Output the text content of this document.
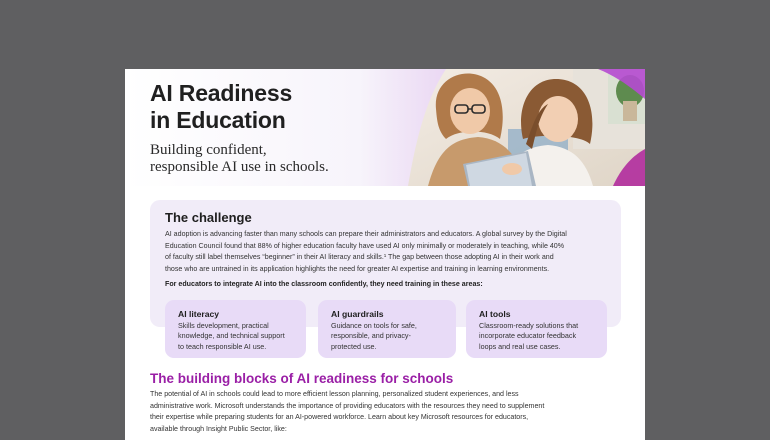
AI Readiness
in Education
Building confident,
responsible AI use in schools.
The challenge
AI adoption is advancing faster than many schools can prepare their administrators and educators. A global survey by the Digital
Education Council found that 88% of higher education faculty have used AI only minimally or moderately in teaching, while 40%
of faculty still label themselves “beginner” in their AI literacy and skills.¹ The gap between those adopting AI in their work and
those who are untrained in its application highlights the need for greater AI expertise and training in learning environments.
For educators to integrate AI into the classroom confidently, they need training in these areas:
AI literacy
Skills development, practical
knowledge, and technical support
to teach responsible AI use.
AI guardrails
Guidance on tools for safe,
responsible, and privacy-
protected use.
AI tools
Classroom-ready solutions that
incorporate educator feedback
loops and real use cases.
The building blocks of AI readiness for schools
The potential of AI in schools could lead to more efficient lesson planning, personalized student experiences, and less
administrative work. Microsoft understands the importance of providing educators with the resources they need to supplement
their expertise while preparing students for an AI-powered workforce. Learn about key Microsoft resources for educators,
available through Insight Public Sector, like:
